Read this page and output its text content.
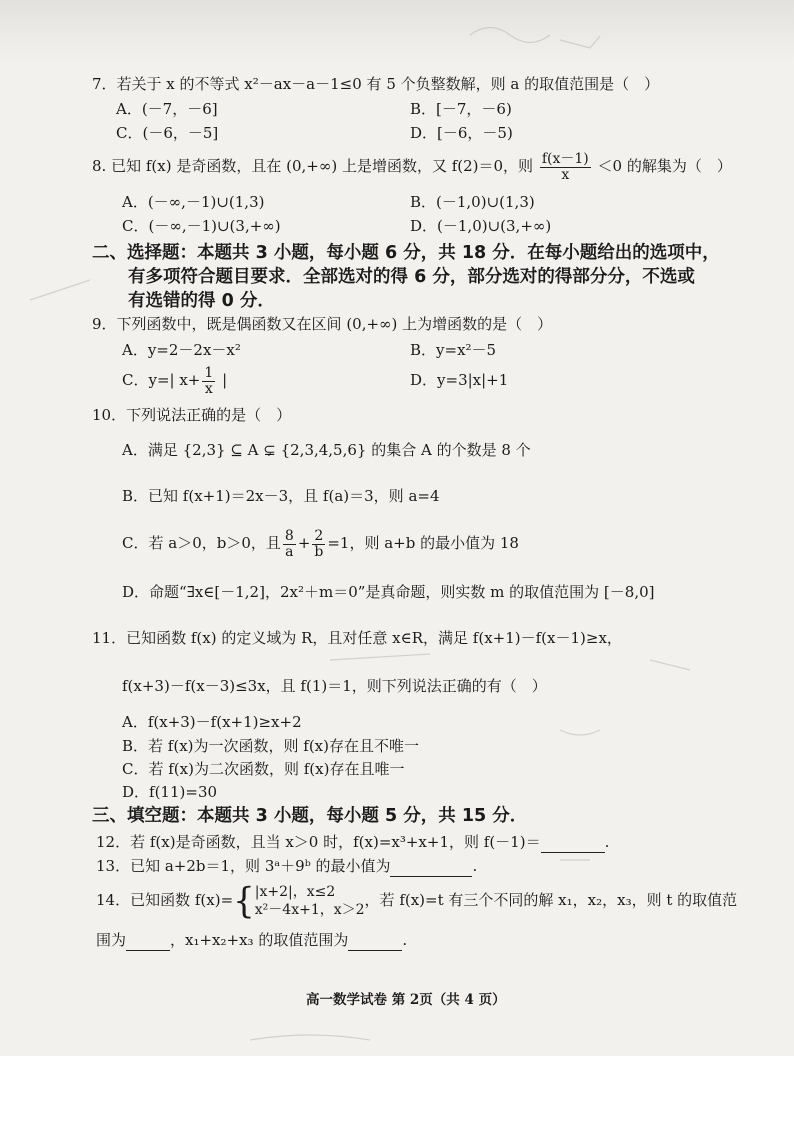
7．若关于 x 的不等式 x²－ax－a－1≤0 有 5 个负整数解，则 a 的取值范围是（　）
A．(－7，－6]	B．[－7，－6)
C．(－6，－5]	D．[－6，－5)
8. 已知 f(x) 是奇函数，且在 (0,+∞) 上是增函数，又 f(2)＝0，则 $\frac{f(x-1)}{x} <0$ 的解集为（　）
A．(－∞,－1)∪(1,3)	B．(－1,0)∪(1,3)
C．(－∞,－1)∪(3,+∞)	D．(－1,0)∪(3,+∞)
二、选择题：本题共 3 小题，每小题 6 分，共 18 分．在每小题给出的选项中，
有多项符合题目要求．全部选对的得 6 分，部分选对的得部分分，不选或
有选错的得 0 分．
9．下列函数中，既是偶函数又在区间 (0,+∞) 上为增函数的是（　）
A．y=2－2x－x²	B．y=x²－5
C．y=| $x+ \frac{1}{x}$ |	D．y=3|x|+1
10．下列说法正确的是（　）
A．满足 {2,3} ⊆ A ⊊ {2,3,4,5,6} 的集合 A 的个数是 8 个
B．已知 f(x+1)＝2x－3，且 f(a)＝3，则 a=4
C．若 a＞0，b＞0，且 $\frac{8}{a} + \frac{2}{b} =1$，则 a+b 的最小值为 18
D．命题“∃x∈[－1,2]，2x²＋m＝0”是真命题，则实数 m 的取值范围为 [－8,0]
11．已知函数 f(x) 的定义域为 R，且对任意 x∈R，满足 f(x+1)－f(x－1)≥x，
f(x+3)－f(x－3)≤3x，且 f(1)＝1，则下列说法正确的有（　）
A．f(x+3)－f(x+1)≥x+2
B．若 f(x)为一次函数，则 f(x)存在且不唯一
C．若 f(x)为二次函数，则 f(x)存在且唯一
D．f(11)=30
三、填空题：本题共 3 小题，每小题 5 分，共 15 分．
12．若 f(x)是奇函数，且当 x＞0 时，f(x)=x³+x+1，则 f(－1)＝	.
13．已知 a+2b＝1，则 3ᵃ＋9ᵇ 的最小值为	.
14．已知函数 f(x)={ |x+2|，x≤2
x²－4x+1，x＞2
，若 f(x)=t 有三个不同的解 x₁，x₂，x₃，则 t 的取值范
围为	，x₁+x₂+x₃ 的取值范围为	.
高一数学试卷 第 2页（共 4 页）
